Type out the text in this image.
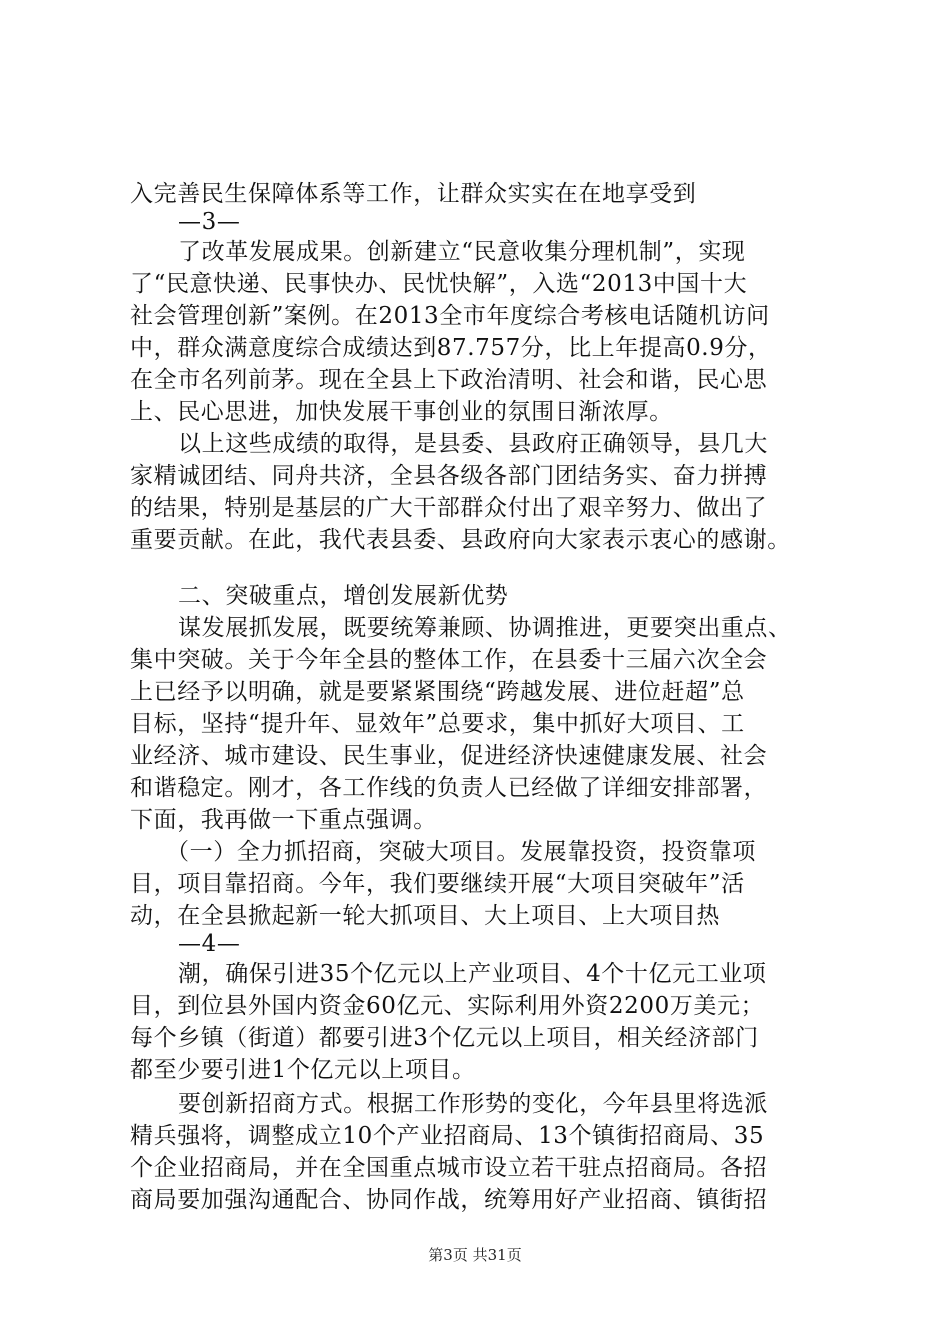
入完善民生保障体系等工作，让群众实实在在地享受到
—3—
了改革发展成果。创新建立“民意收集分理机制”，实现
了“民意快递、民事快办、民忧快解”，入选“2013中国十大
社会管理创新”案例。在2013全市年度综合考核电话随机访问
中，群众满意度综合成绩达到87.757分，比上年提高0.9分，
在全市名列前茅。现在全县上下政治清明、社会和谐，民心思
上、民心思进，加快发展干事创业的氛围日渐浓厚。
以上这些成绩的取得，是县委、县政府正确领导，县几大
家精诚团结、同舟共济，全县各级各部门团结务实、奋力拼搏
的结果，特别是基层的广大干部群众付出了艰辛努力、做出了
重要贡献。在此，我代表县委、县政府向大家表示衷心的感谢。
二、突破重点，增创发展新优势
谋发展抓发展，既要统筹兼顾、协调推进，更要突出重点、
集中突破。关于今年全县的整体工作，在县委十三届六次全会
上已经予以明确，就是要紧紧围绕“跨越发展、进位赶超”总
目标，坚持“提升年、显效年”总要求，集中抓好大项目、工
业经济、城市建设、民生事业，促进经济快速健康发展、社会
和谐稳定。刚才，各工作线的负责人已经做了详细安排部署，
下面，我再做一下重点强调。
（一）全力抓招商，突破大项目。发展靠投资，投资靠项
目，项目靠招商。今年，我们要继续开展“大项目突破年”活
动，在全县掀起新一轮大抓项目、大上项目、上大项目热
—4—
潮，确保引进35个亿元以上产业项目、4个十亿元工业项
目，到位县外国内资金60亿元、实际利用外资2200万美元；
每个乡镇（街道）都要引进3个亿元以上项目，相关经济部门
都至少要引进1个亿元以上项目。
要创新招商方式。根据工作形势的变化，今年县里将选派
精兵强将，调整成立10个产业招商局、13个镇街招商局、35
个企业招商局，并在全国重点城市设立若干驻点招商局。各招
商局要加强沟通配合、协同作战，统筹用好产业招商、镇街招
第3页 共31页
